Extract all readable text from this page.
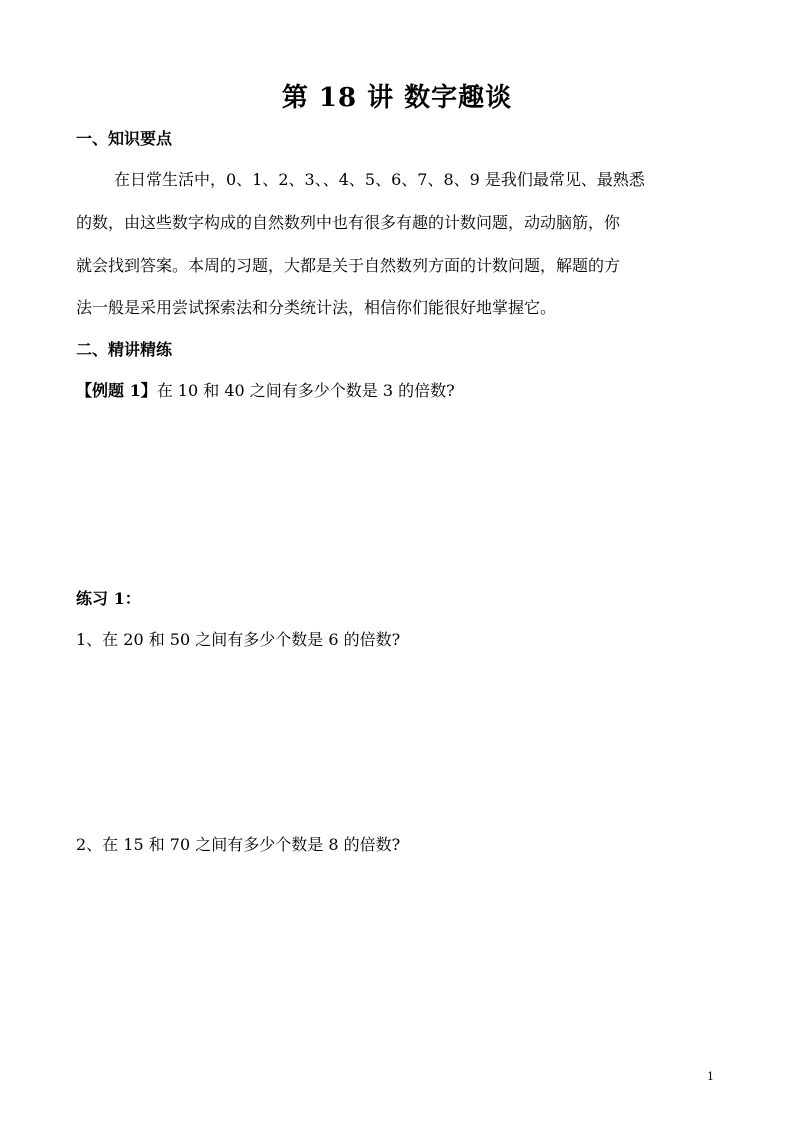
第 18 讲 数字趣谈
一、知识要点
在日常生活中，0、1、2、3、、4、5、6、7、8、9 是我们最常见、最熟悉
的数，由这些数字构成的自然数列中也有很多有趣的计数问题，动动脑筋，你
就会找到答案。本周的习题，大都是关于自然数列方面的计数问题，解题的方
法一般是采用尝试探索法和分类统计法，相信你们能很好地掌握它。
二、精讲精练
【例题 1】在 10 和 40 之间有多少个数是 3 的倍数?
练习 1：
1、在 20 和 50 之间有多少个数是 6 的倍数?
2、在 15 和 70 之间有多少个数是 8 的倍数?
1
